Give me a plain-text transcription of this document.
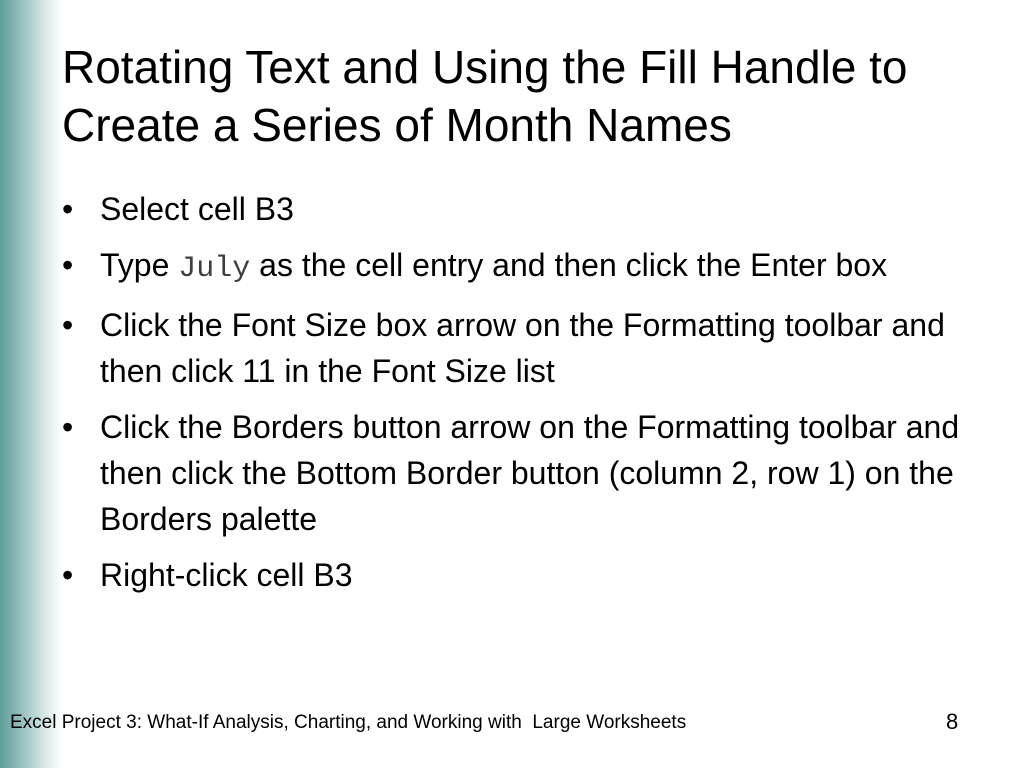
Rotating Text and Using the Fill Handle to Create a Series of Month Names
• Select cell B3
• Type July as the cell entry and then click the Enter box
• Click the Font Size box arrow on the Formatting toolbar and then click 11 in the Font Size list
• Click the Borders button arrow on the Formatting toolbar and then click the Bottom Border button (column 2, row 1) on the Borders palette
• Right-click cell B3
Excel Project 3: What-If Analysis, Charting, and Working with  Large Worksheets	8
